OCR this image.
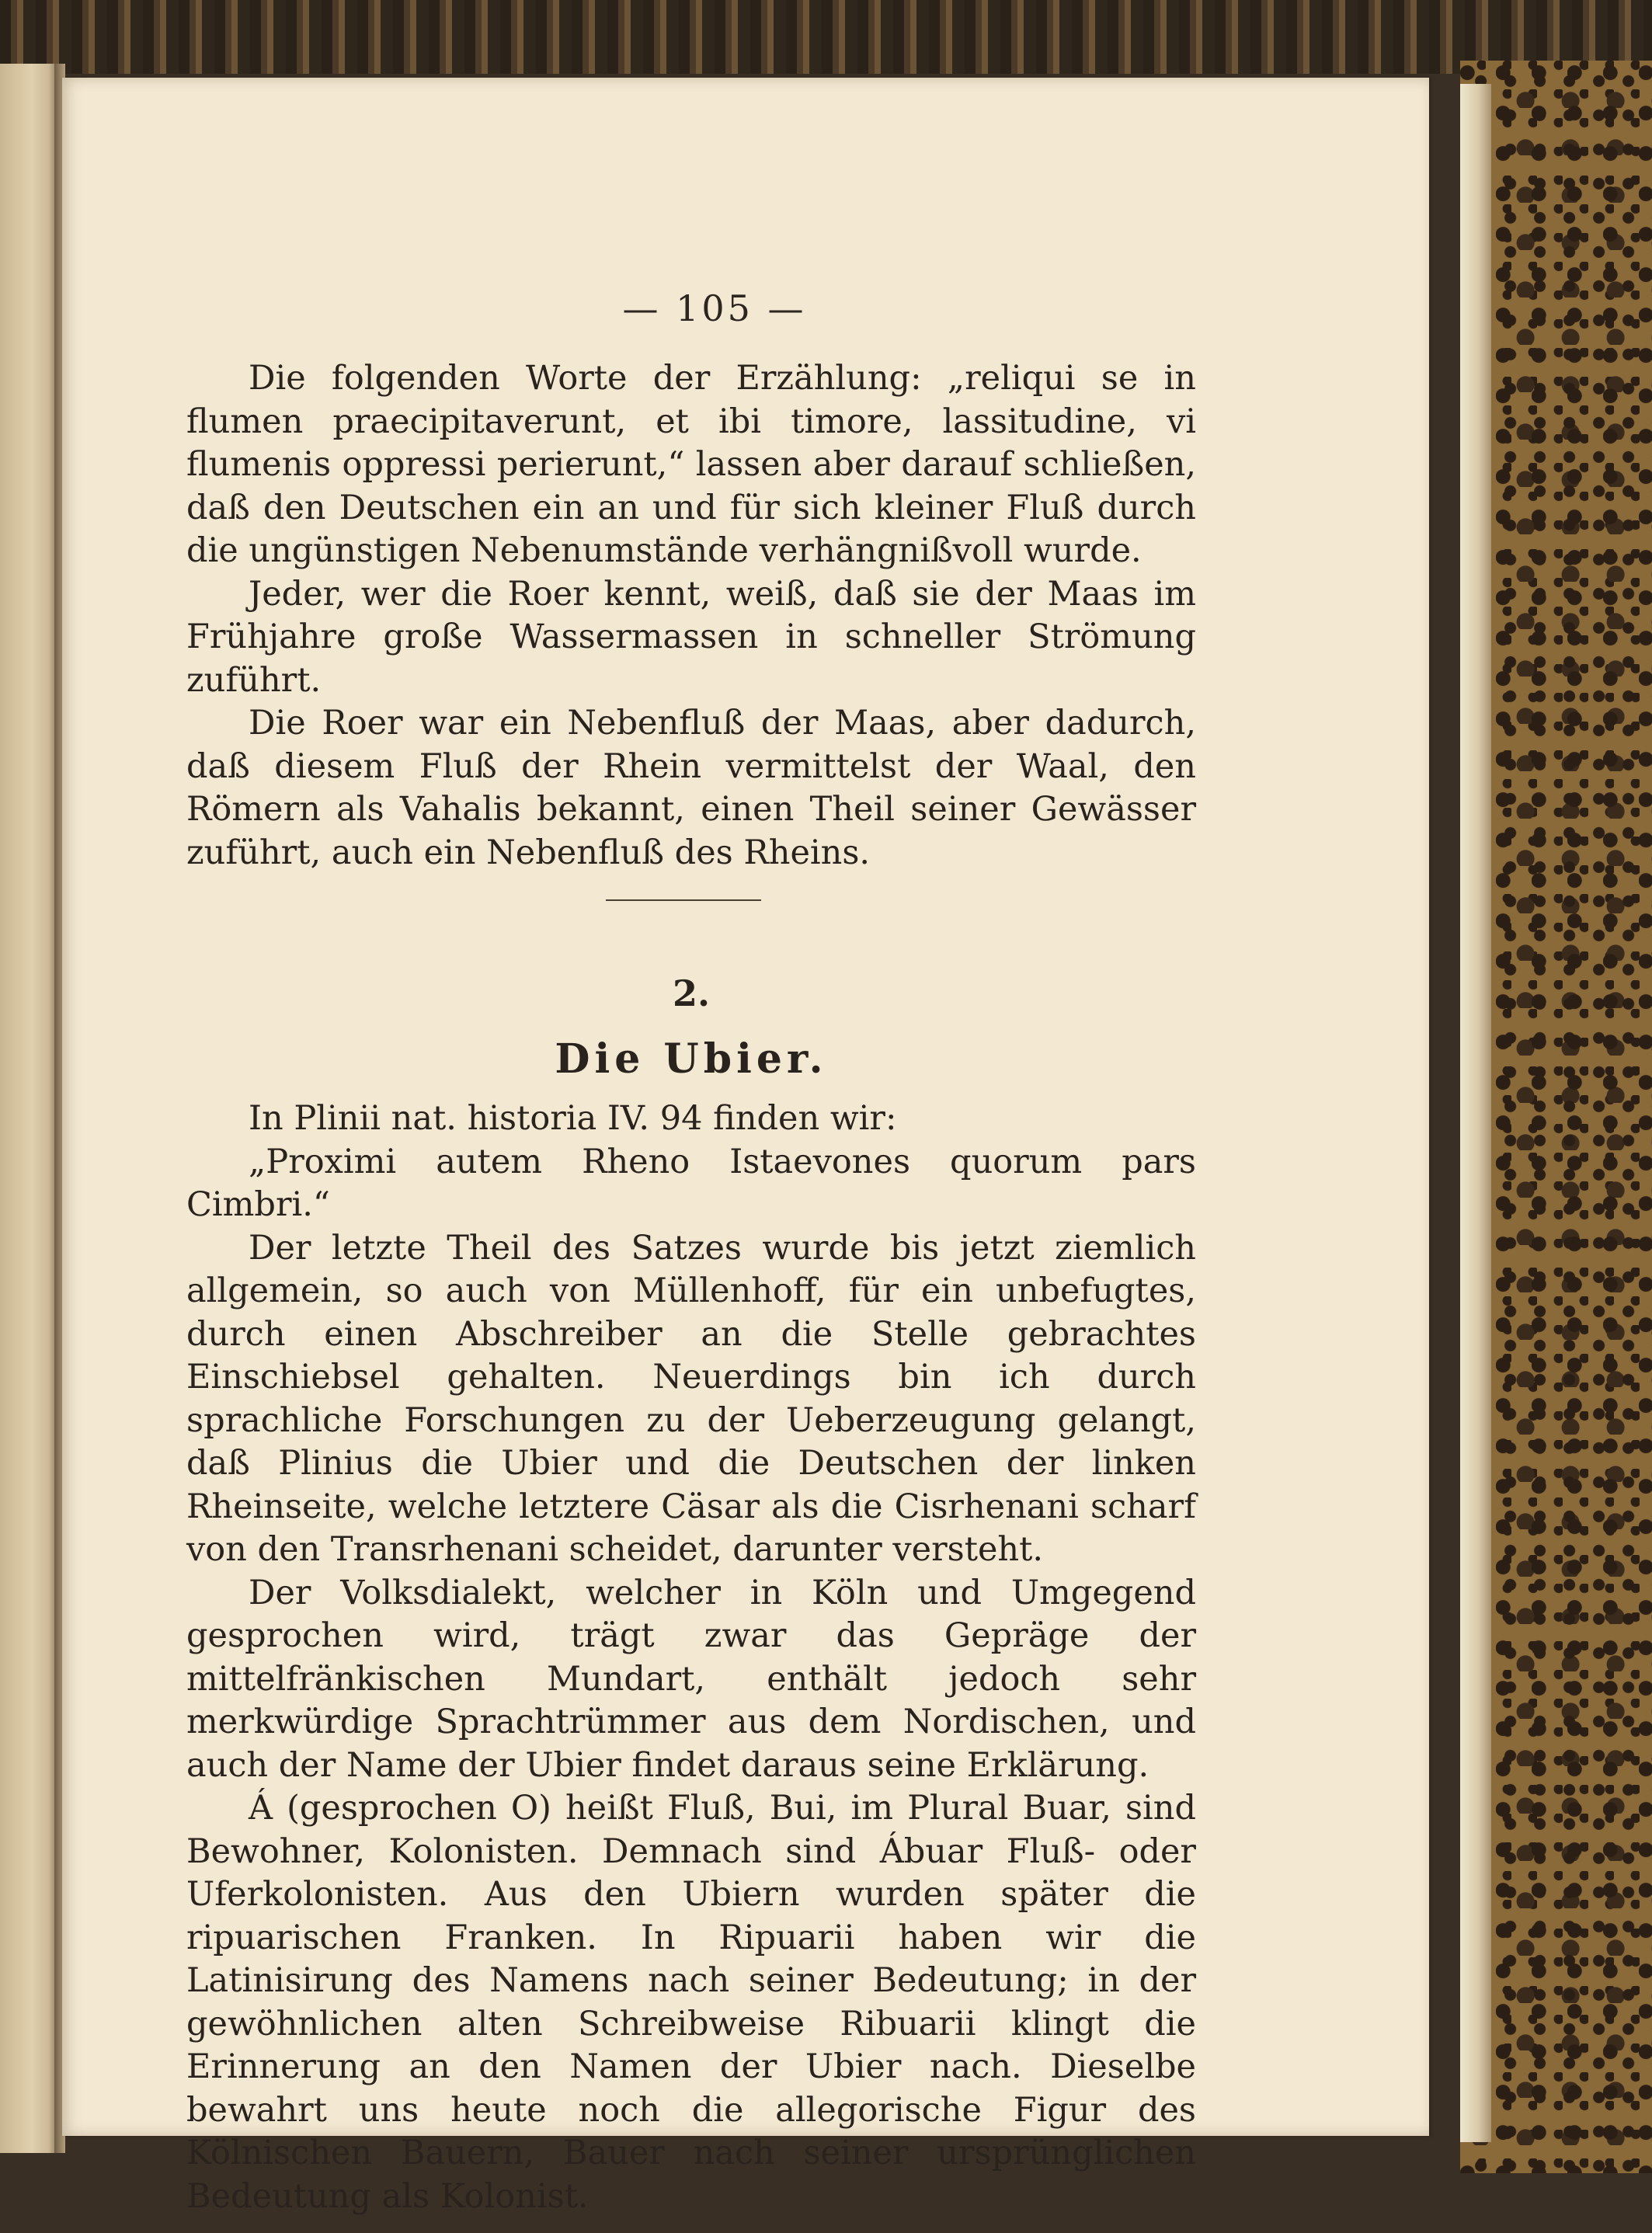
— 105 —

Die folgenden Worte der Erzählung: „reliqui se in flumen praecipitaverunt, et ibi timore, lassitudine, vi flumenis oppressi perierunt,“ lassen aber darauf schließen, daß den Deutschen ein an und für sich kleiner Fluß durch die ungünstigen Nebenumstände verhängnißvoll wurde.

Jeder, wer die Roer kennt, weiß, daß sie der Maas im Frühjahre große Wassermassen in schneller Strömung zuführt.

Die Roer war ein Nebenfluß der Maas, aber dadurch, daß diesem Fluß der Rhein vermittelst der Waal, den Römern als Vahalis bekannt, einen Theil seiner Gewässer zuführt, auch ein Nebenfluß des Rheins.

2.
Die Ubier.

In Plinii nat. historia IV. 94 finden wir:

„Proximi autem Rheno Istaevones quorum pars Cimbri.“

Der letzte Theil des Satzes wurde bis jetzt ziemlich allgemein, so auch von Müllenhoff, für ein unbefugtes, durch einen Abschreiber an die Stelle gebrachtes Einschiebsel gehalten. Neuerdings bin ich durch sprachliche Forschungen zu der Ueberzeugung gelangt, daß Plinius die Ubier und die Deutschen der linken Rheinseite, welche letztere Cäsar als die Cisrhenani scharf von den Transrhenani scheidet, darunter versteht.

Der Volksdialekt, welcher in Köln und Umgegend gesprochen wird, trägt zwar das Gepräge der mittelfränkischen Mundart, enthält jedoch sehr merkwürdige Sprachtrümmer aus dem Nordischen, und auch der Name der Ubier findet daraus seine Erklärung.

Á (gesprochen O) heißt Fluß, Bui, im Plural Buar, sind Bewohner, Kolonisten. Demnach sind Ábuar Fluß- oder Uferkolonisten. Aus den Ubiern wurden später die ripuarischen Franken. In Ripuarii haben wir die Latinisirung des Namens nach seiner Bedeutung; in der gewöhnlichen alten Schreibweise Ribuarii klingt die Erinnerung an den Namen der Ubier nach. Dieselbe bewahrt uns heute noch die allegorische Figur des Kölnischen Bauern, Bauer nach seiner ursprünglichen Bedeutung als Kolonist.
